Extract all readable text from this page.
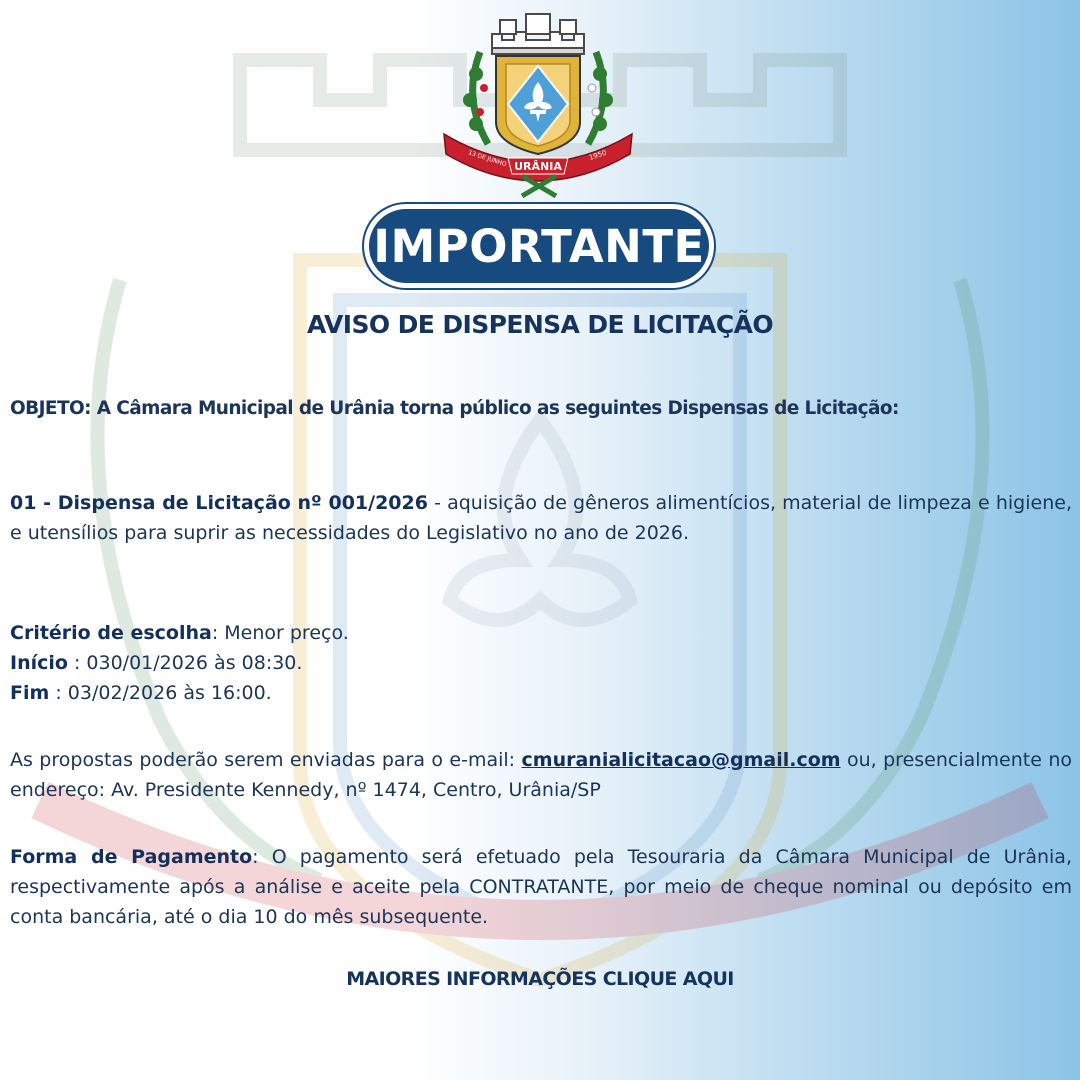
URÂNIA
13 DE JUNHO	1950
IMPORTANTE
AVISO DE DISPENSA DE LICITAÇÃO
OBJETO: A Câmara Municipal de Urânia torna público as seguintes Dispensas de Licitação:
01 - Dispensa de Licitação nº 001/2026 - aquisição de gêneros alimentícios, material de limpeza e higiene, e utensílios para suprir as necessidades do Legislativo no ano de 2026.
Critério de escolha: Menor preço.
Início : 030/01/2026 às 08:30.
Fim : 03/02/2026 às 16:00.
As propostas poderão serem enviadas para o e-mail: cmuranialicitacao@gmail.com ou, presencialmente no endereço: Av. Presidente Kennedy, nº 1474, Centro, Urânia/SP
Forma de Pagamento: O pagamento será efetuado pela Tesouraria da Câmara Municipal de Urânia, respectivamente após a análise e aceite pela CONTRATANTE, por meio de cheque nominal ou depósito em conta bancária, até o dia 10 do mês subsequente.
MAIORES INFORMAÇÕES CLIQUE AQUI
